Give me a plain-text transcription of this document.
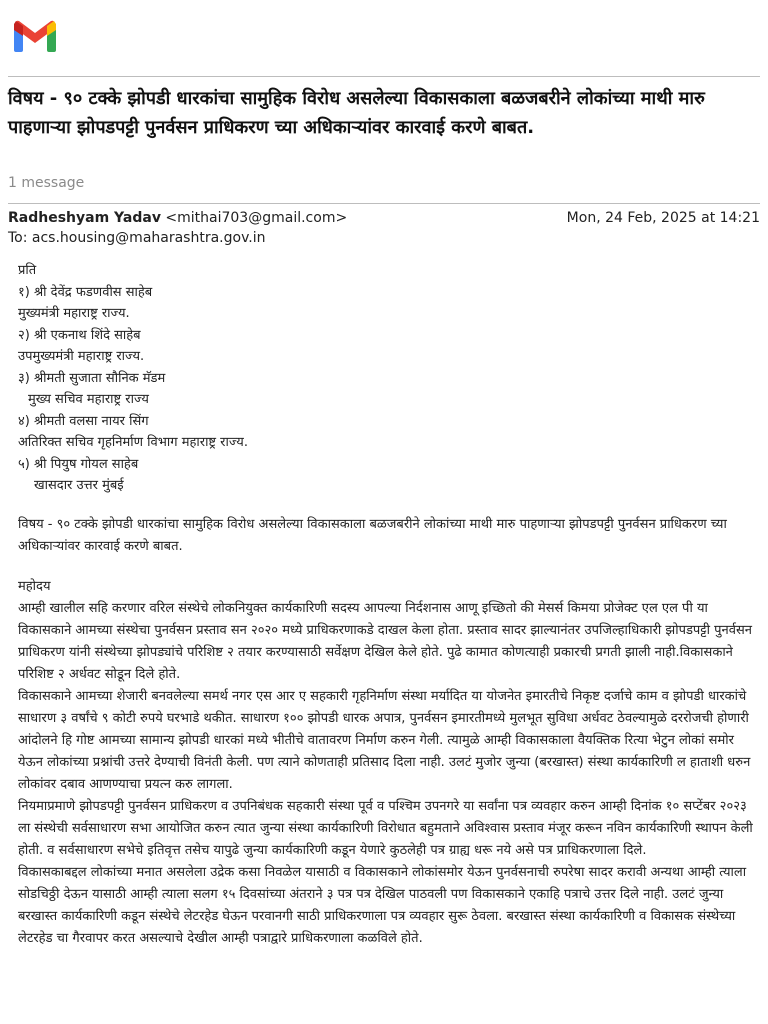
विषय - ९० टक्के झोपडी धारकांचा सामुहिक विरोध असलेल्या विकासकाला बळजबरीने लोकांच्या माथी मारु पाहणाऱ्या झोपडपट्टी पुनर्वसन प्राधिकरण च्या अधिकाऱ्यांवर कारवाई करणे बाबत.
1 message
Radheshyam Yadav <mithai703@gmail.com>	Mon, 24 Feb, 2025 at 14:21
To: acs.housing@maharashtra.gov.in
प्रति
१) श्री देवेंद्र फडणवीस साहेब
मुख्यमंत्री महाराष्ट्र राज्य.
२) श्री एकनाथ शिंदे साहेब
उपमुख्यमंत्री महाराष्ट्र राज्य.
३) श्रीमती सुजाता सौनिक मॅडम
मुख्य सचिव महाराष्ट्र राज्य
४) श्रीमती वलसा नायर सिंग
अतिरिक्त सचिव गृहनिर्माण विभाग महाराष्ट्र राज्य.
५) श्री पियुष गोयल साहेब
खासदार उत्तर मुंबई
विषय - ९० टक्के झोपडी धारकांचा सामुहिक विरोध असलेल्या विकासकाला बळजबरीने लोकांच्या माथी मारु पाहणाऱ्या झोपडपट्टी पुनर्वसन प्राधिकरण च्या अधिकाऱ्यांवर कारवाई करणे बाबत.

महोदय

आम्ही खालील सहि करणार वरिल संस्थेचे लोकनियुक्त कार्यकारिणी सदस्य आपल्या निर्दशनास आणू इच्छितो की मेसर्स किमया प्रोजेक्ट एल एल पी या विकासकाने आमच्या संस्थेचा पुनर्वसन प्रस्ताव सन २०२० मध्ये प्राधिकरणाकडे दाखल केला होता. प्रस्ताव सादर झाल्यानंतर उपजिल्हाधिकारी झोपडपट्टी पुनर्वसन प्राधिकरण यांनी संस्थेच्या झोपड्यांचे परिशिष्ट २ तयार करण्यासाठी सर्वेक्षण देखिल केले होते. पुढे कामात कोणत्याही प्रकारची प्रगती झाली नाही.विकासकाने परिशिष्ट २ अर्धवट सोडून दिले होते.

विकासकाने आमच्या शेजारी बनवलेल्या समर्थ नगर एस आर ए सहकारी गृहनिर्माण संस्था मर्यादित या योजनेत इमारतीचे निकृष्ट दर्जाचे काम व झोपडी धारकांचे साधारण ३ वर्षांचे ९ कोटी रुपये घरभाडे थकीत. साधारण १०० झोपडी धारक अपात्र, पुनर्वसन इमारतीमध्ये मुलभूत सुविधा अर्धवट ठेवल्यामुळे दररोजची होणारी आंदोलने हि गोष्ट आमच्या सामान्य झोपडी धारकां मध्ये भीतीचे वातावरण निर्माण करुन गेली. त्यामुळे आम्ही विकासकाला वैयक्तिक रित्या भेटुन लोकां समोर येऊन लोकांच्या प्रश्नांची उत्तरे देण्याची विनंती केली. पण त्याने कोणताही प्रतिसाद दिला नाही. उलटं मुजोर जुन्या (बरखास्त) संस्था कार्यकारिणी ल हाताशी धरुन लोकांवर दबाव आणण्याचा प्रयत्न करु लागला.

नियमाप्रमाणे झोपडपट्टी पुनर्वसन प्राधिकरण व उपनिबंधक सहकारी संस्था पूर्व व पश्चिम उपनगरे या सर्वांना पत्र व्यवहार करुन आम्ही दिनांक १० सप्टेंबर २०२३ ला संस्थेची सर्वसाधारण सभा आयोजित करुन त्यात जुन्या संस्था कार्यकारिणी विरोधात बहुमताने अविश्वास प्रस्ताव मंजूर करून नविन कार्यकारिणी स्थापन केली होती. व सर्वसाधारण सभेचे इतिवृत्त तसेच यापुढे जुन्या कार्यकारिणी कडून येणारे कुठलेही पत्र ग्राह्य धरू नये असे पत्र प्राधिकरणाला दिले.

विकासकाबद्दल लोकांच्या मनात असलेला उद्रेक कसा निवळेल यासाठी व विकासकाने लोकांसमोर येऊन पुनर्वसनाची रुपरेषा सादर करावी अन्यथा आम्ही त्याला सोडचिठ्ठी देऊन यासाठी आम्ही त्याला सलग १५ दिवसांच्या अंतराने ३ पत्र पत्र देखिल पाठवली पण विकासकाने एकाहि पत्राचे उत्तर दिले नाही. उलटं जुन्या बरखास्त कार्यकारिणी कडून संस्थेचे लेटरहेड घेऊन परवानगी साठी प्राधिकरणाला पत्र व्यवहार सुरू ठेवला. बरखास्त संस्था कार्यकारिणी व विकासक संस्थेच्या लेटरहेड चा गैरवापर करत असल्याचे देखील आम्ही पत्राद्वारे प्राधिकरणाला कळविले होते.
